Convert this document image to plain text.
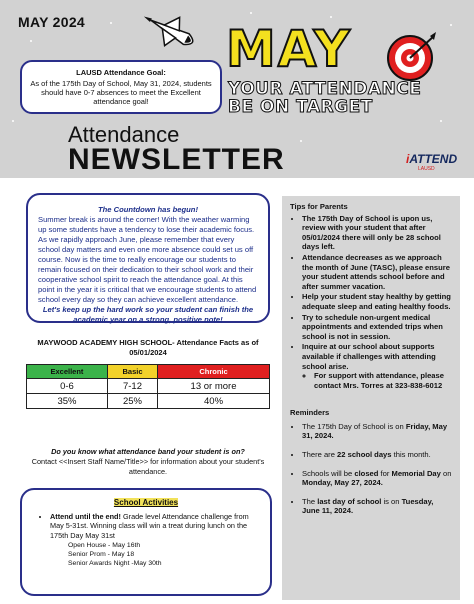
MAY 2024	MAY
YOUR ATTENDANCE
BE ON TARGET
LAUSD Attendance Goal:
As of the 175th Day of School, May 31, 2024, students should have 0-7 absences to meet the Excellent attendance goal!
Attendance
NEWSLETTER	iATTEND
LAUSD
The Countdown has begun!
Summer break is around the corner! With the weather warming up some students have a tendency to lose their academic focus. As we rapidly approach June, please remember that every school day matters and even one more absence could set us off course. Now is the time to really encourage our students to remain focused on their dedication to their school work and their cooperative school spirit to reach the attendance goal. At this point in the year it is critical that we encourage students to attend school every day so they can achieve excellent attendance.
Let's keep up the hard work so your student can finish the academic year on a strong, positive note!
MAYWOOD ACADEMY HIGH SCHOOL- Attendance Facts as of 05/01/2024
Excellent	Basic	Chronic
0-6	7-12	13 or more
35%	25%	40%
Do you know what attendance band your student is on?
Contact <<Insert Staff Name/Title>> for information about your student's attendance.
School Activities
• Attend until the end! Grade level Attendance challenge from May 5-31st. Winning class will win a treat during lunch on the 175th Day May 31st
Open House - May 16th
Senior Prom - May 18
Senior Awards Night -May 30th
Tips for Parents
• The 175th Day of School is upon us, review with your student that after 05/01/2024 there will only be 28 school days left.
• Attendance decreases as we approach the month of June (TASC), please ensure your student attends school before and after summer vacation.
• Help your student stay healthy by getting adequate sleep and eating healthy foods.
• Try to schedule non-urgent medical appointments and extended trips when school is not in session.
• Inquire at our school about supports available if challenges with attending school arise.
◦ For support with attendance, please contact Mrs. Torres at 323-838-6012
Reminders
• The 175th Day of School is on Friday, May 31, 2024.
• There are 22 school days this month.
• Schools will be closed for Memorial Day on Monday, May 27, 2024.
• The last day of school is on Tuesday, June 11, 2024.
